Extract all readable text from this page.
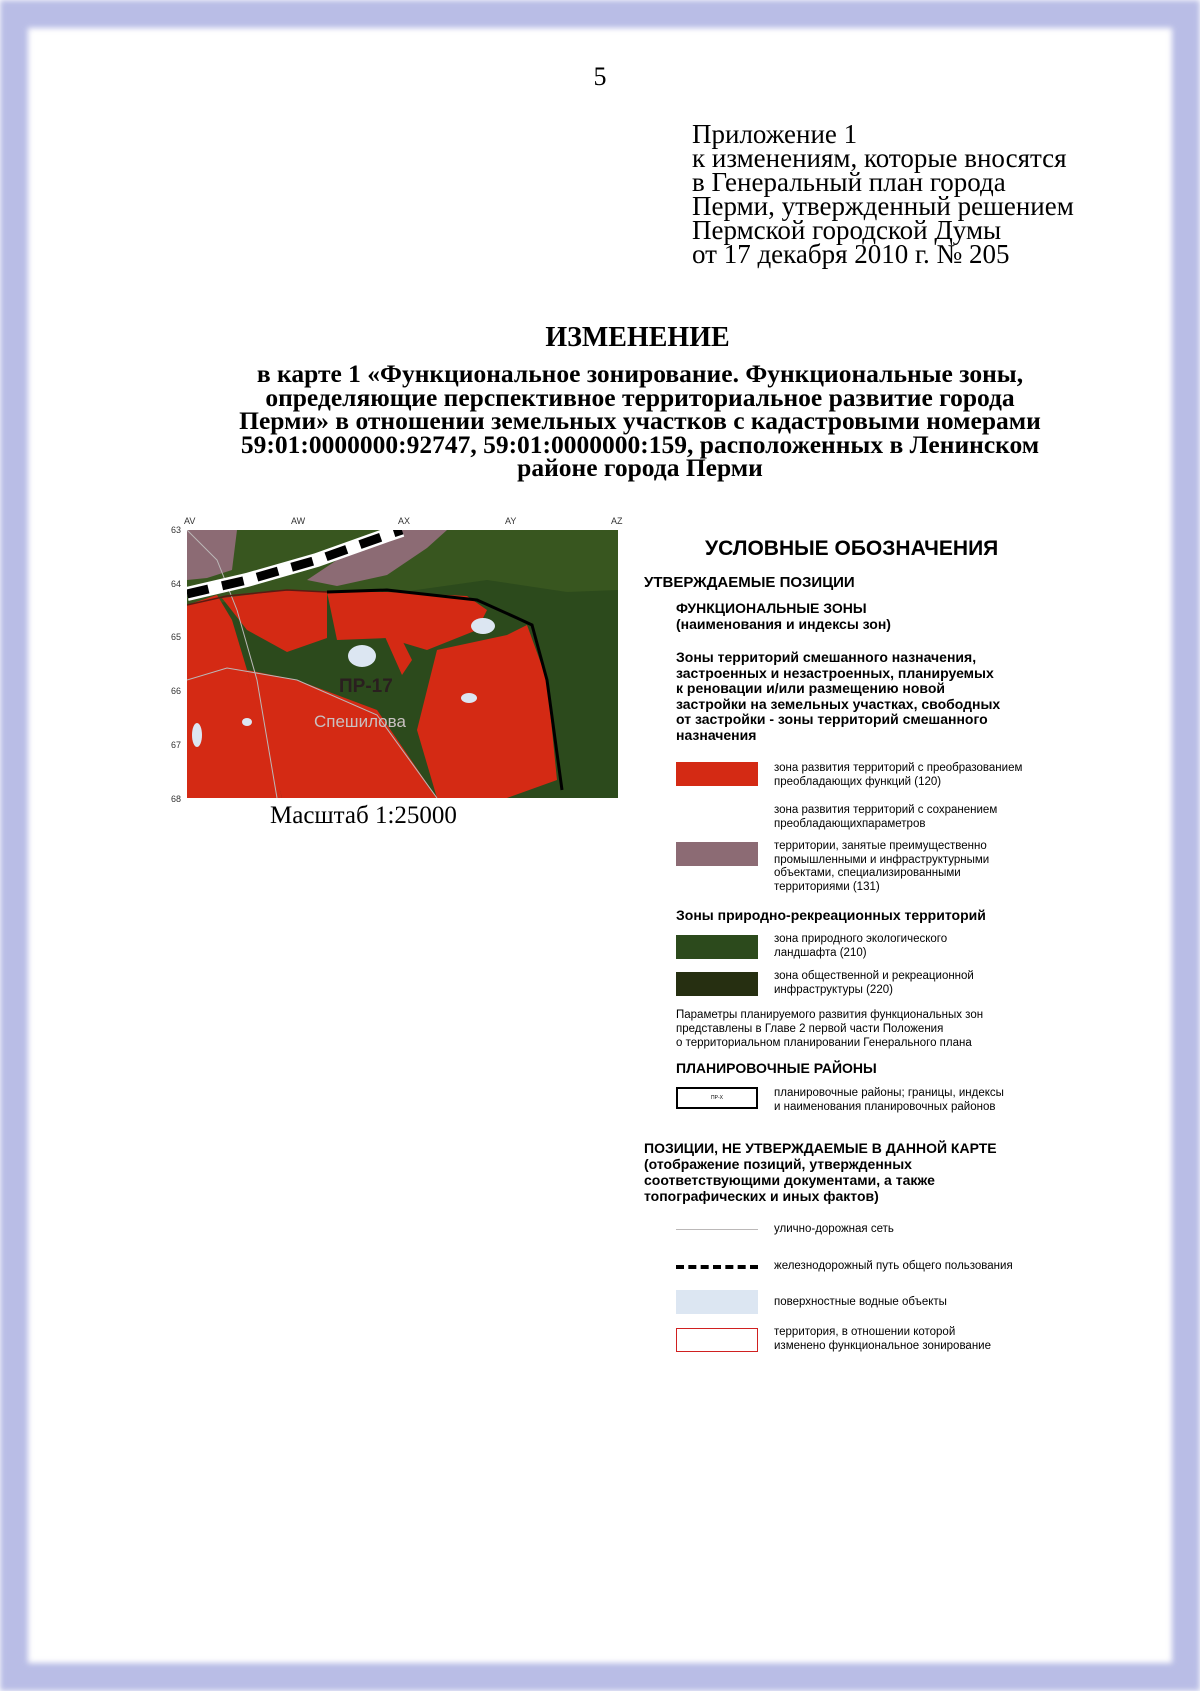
5
Приложение 1
к изменениям, которые вносятся
в Генеральный план города
Перми, утвержденный решением
Пермской городской Думы
от 17 декабря 2010 г. № 205
ИЗМЕНЕНИЕ
в карте 1 «Функциональное зонирование. Функциональные зоны,
определяющие перспективное территориальное развитие города
Перми» в отношении земельных участков с кадастровыми номерами
59:01:0000000:92747, 59:01:0000000:159, расположенных в Ленинском
районе города Перми
AV	AW	AX	AY	AZ
63
64
65
66
67
68
ПР-17
Спешилова
Масштаб 1:25000
УСЛОВНЫЕ ОБОЗНАЧЕНИЯ
УТВЕРЖДАЕМЫЕ ПОЗИЦИИ
ФУНКЦИОНАЛЬНЫЕ ЗОНЫ
(наименования и индексы зон)
Зоны территорий смешанного назначения,
застроенных и незастроенных, планируемых
к реновации и/или размещению новой
застройки на земельных участках, свободных
от застройки - зоны территорий смешанного
назначения
зона развития территорий с преобразованием
преобладающих функций (120)
зона развития территорий с сохранением
преобладающихпараметров
территории, занятые преимущественно
промышленными и инфраструктурными
объектами, специализированными
территориями (131)
Зоны природно-рекреационных территорий
зона природного экологического
ландшафта (210)
зона общественной и рекреационной
инфраструктуры (220)
Параметры планируемого развития функциональных зон
представлены в Главе 2 первой части Положения
о территориальном планировании Генерального плана
ПЛАНИРОВОЧНЫЕ РАЙОНЫ
ПР-Х	планировочные районы; границы, индексы
и наименования планировочных районов
ПОЗИЦИИ, НЕ УТВЕРЖДАЕМЫЕ В ДАННОЙ КАРТЕ
(отображение позиций, утвержденных
соответствующими документами, а также
топографических и иных фактов)
улично-дорожная сеть
железнодорожный путь общего пользования
поверхностные водные объекты
территория, в отношении которой
изменено функциональное зонирование
